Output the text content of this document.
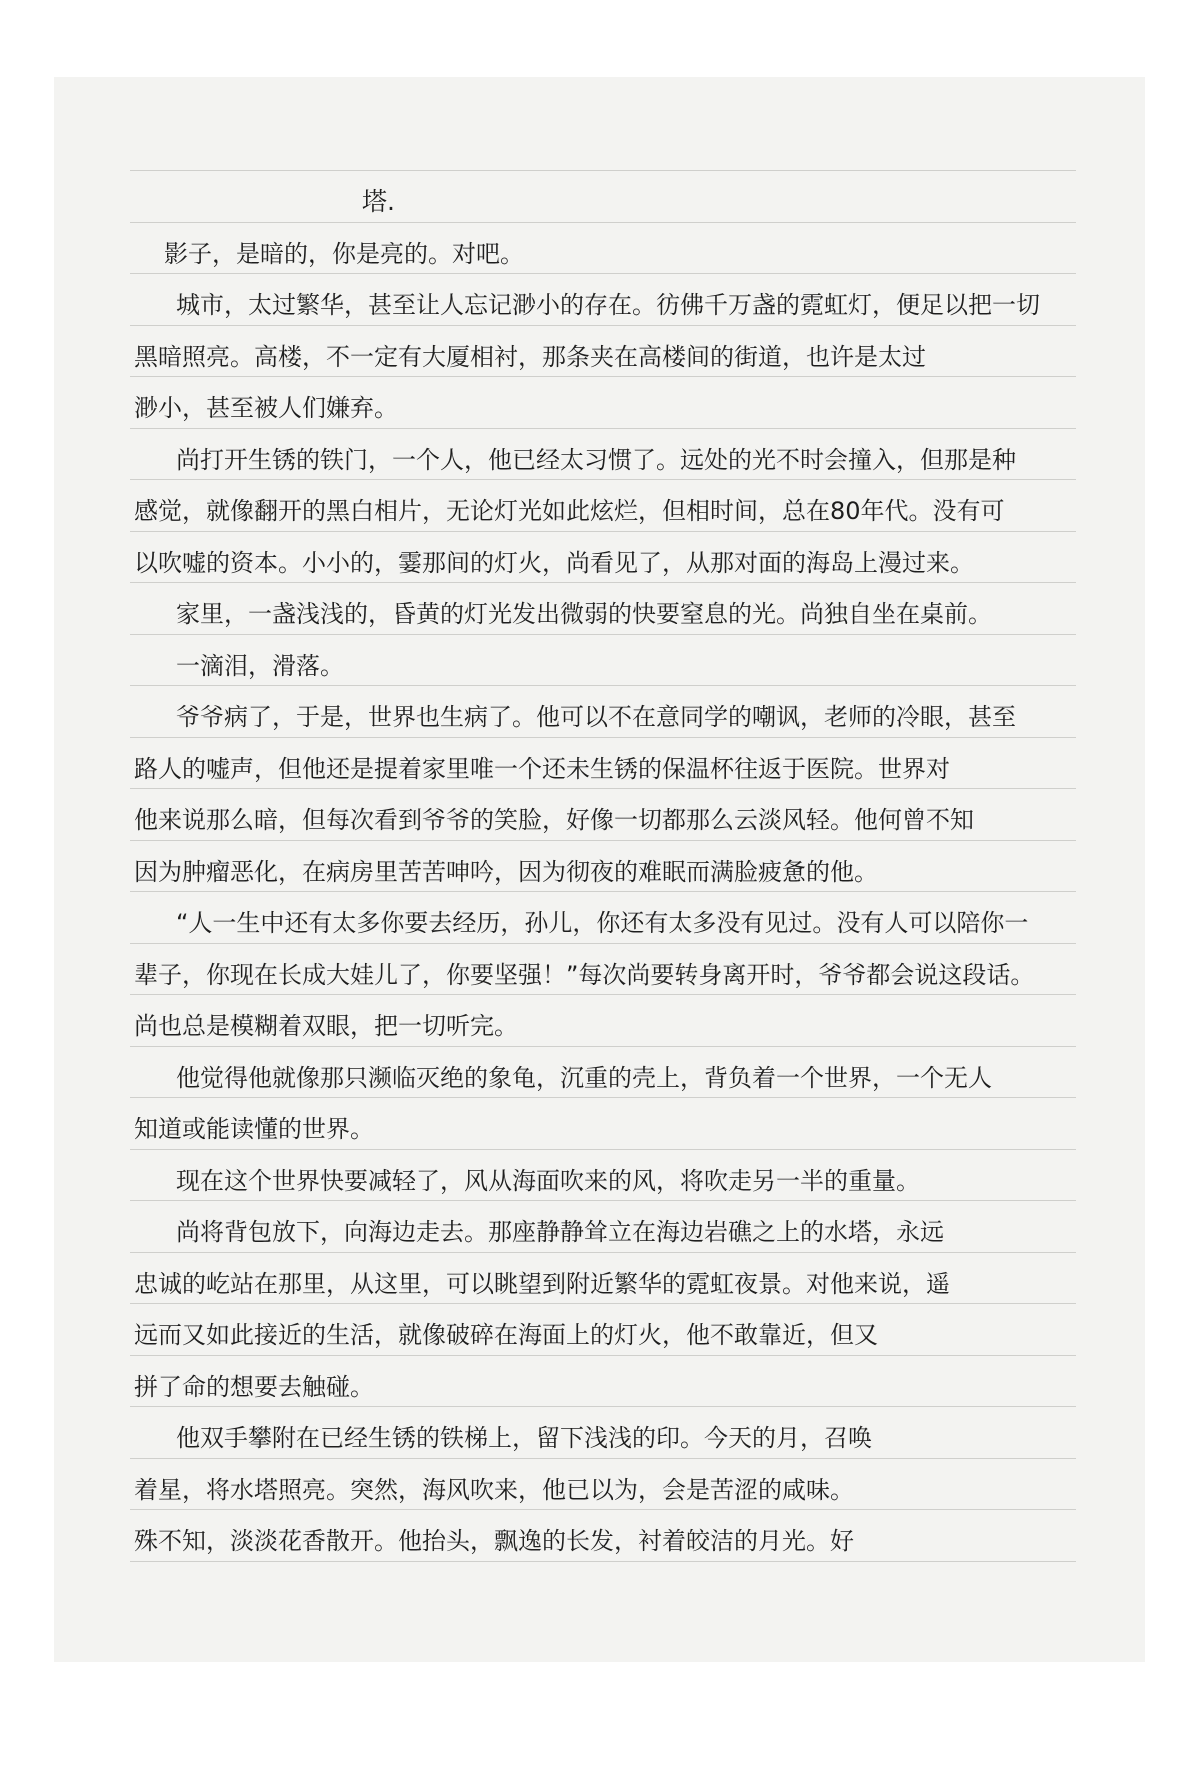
塔.
影子，是暗的，你是亮的。对吧。
城市，太过繁华，甚至让人忘记渺小的存在。彷佛千万盏的霓虹灯，便足以把一切
黑暗照亮。高楼，不一定有大厦相衬，那条夹在高楼间的街道，也许是太过
渺小，甚至被人们嫌弃。
尚打开生锈的铁门，一个人，他已经太习惯了。远处的光不时会撞入，但那是种
感觉，就像翻开的黑白相片，无论灯光如此炫烂，但相时间，总在80年代。没有可
以吹嘘的资本。小小的，霎那间的灯火，尚看见了，从那对面的海岛上漫过来。
家里，一盏浅浅的，昏黄的灯光发出微弱的快要窒息的光。尚独自坐在桌前。
一滴泪，滑落。
爷爷病了，于是，世界也生病了。他可以不在意同学的嘲讽，老师的冷眼，甚至
路人的嘘声，但他还是提着家里唯一个还未生锈的保温杯往返于医院。世界对
他来说那么暗，但每次看到爷爷的笑脸，好像一切都那么云淡风轻。他何曾不知
因为肿瘤恶化，在病房里苦苦呻吟，因为彻夜的难眠而满脸疲惫的他。
“人一生中还有太多你要去经历，孙儿，你还有太多没有见过。没有人可以陪你一
辈子，你现在长成大娃儿了，你要坚强！”每次尚要转身离开时，爷爷都会说这段话。
尚也总是模糊着双眼，把一切听完。
他觉得他就像那只濒临灭绝的象龟，沉重的壳上，背负着一个世界，一个无人
知道或能读懂的世界。
现在这个世界快要减轻了，风从海面吹来的风，将吹走另一半的重量。
尚将背包放下，向海边走去。那座静静耸立在海边岩礁之上的水塔，永远
忠诚的屹站在那里，从这里，可以眺望到附近繁华的霓虹夜景。对他来说，遥
远而又如此接近的生活，就像破碎在海面上的灯火，他不敢靠近，但又
拼了命的想要去触碰。
他双手攀附在已经生锈的铁梯上，留下浅浅的印。今天的月，召唤
着星，将水塔照亮。突然，海风吹来，他已以为，会是苦涩的咸味。
殊不知，淡淡花香散开。他抬头，飘逸的长发，衬着皎洁的月光。好
